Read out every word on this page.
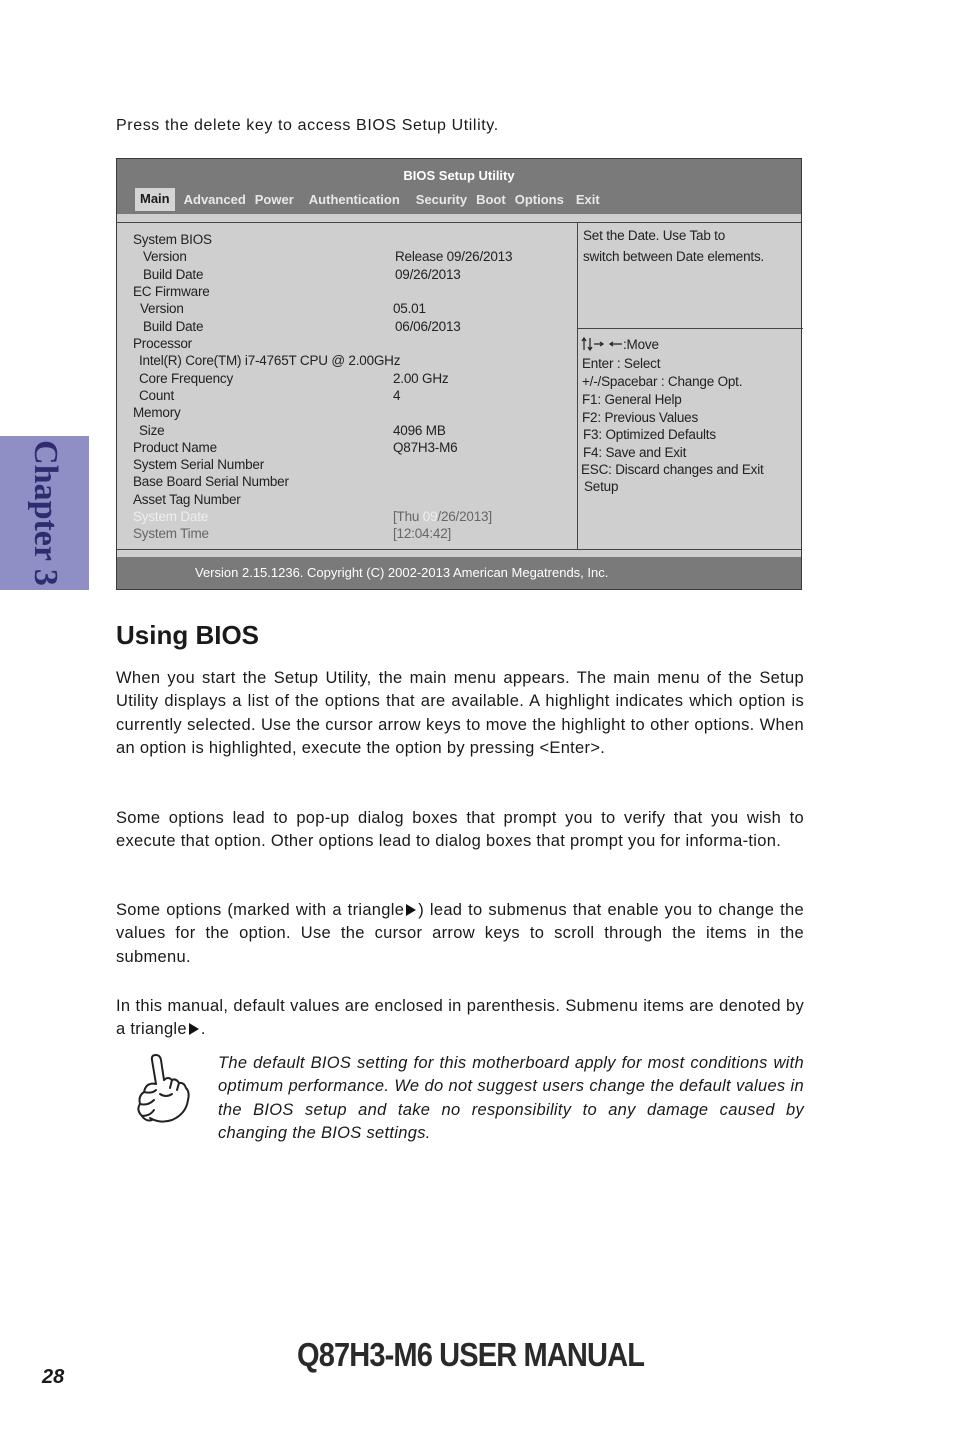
Press the delete key to access BIOS Setup Utility.
BIOS Setup Utility
Main	Advanced Power Authentication Security Boot Options Exit
System BIOS
Version	Release 09/26/2013
Build Date	09/26/2013
EC Firmware
Version	05.01
Build Date	06/06/2013
Processor
Intel(R) Core(TM) i7-4765T CPU @ 2.00GHz
Core Frequency	2.00 GHz
Count	4
Memory
Size	4096 MB
Product Name	Q87H3-M6
System Serial Number
Base Board Serial Number
Asset Tag Number
System Date	[Thu 09/26/2013]
System Time	[12:04:42]
Set the Date. Use Tab to
switch between Date elements.
:Move
Enter : Select
+/-/Spacebar : Change Opt.
F1: General Help
F2: Previous Values
F3: Optimized Defaults
F4: Save and Exit
ESC: Discard changes and Exit
Setup
Version 2.15.1236. Copyright (C) 2002-2013 American Megatrends, Inc.
Using BIOS

When you start the Setup Utility, the main menu appears. The main menu of the Setup Utility displays a list of the options that are available. A highlight indicates which option is currently selected. Use the cursor arrow keys to move the highlight to other options. When an option is highlighted, execute the option by pressing <Enter>.

Some options lead to pop-up dialog boxes that prompt you to verify that you wish to execute that option. Other options lead to dialog boxes that prompt you for informa-tion.

Some options (marked with a triangle ) lead to submenus that enable you to change the values for the option. Use the cursor arrow keys to scroll through the items in the submenu.

In this manual, default values are enclosed in parenthesis. Submenu items are denoted by a triangle .

The default BIOS setting for this motherboard apply for most conditions with optimum performance. We do not suggest users change the default values in the BIOS setup and take no responsibility to any damage caused by changing the BIOS settings.

Chapter 3
28
Q87H3-M6 USER MANUAL
